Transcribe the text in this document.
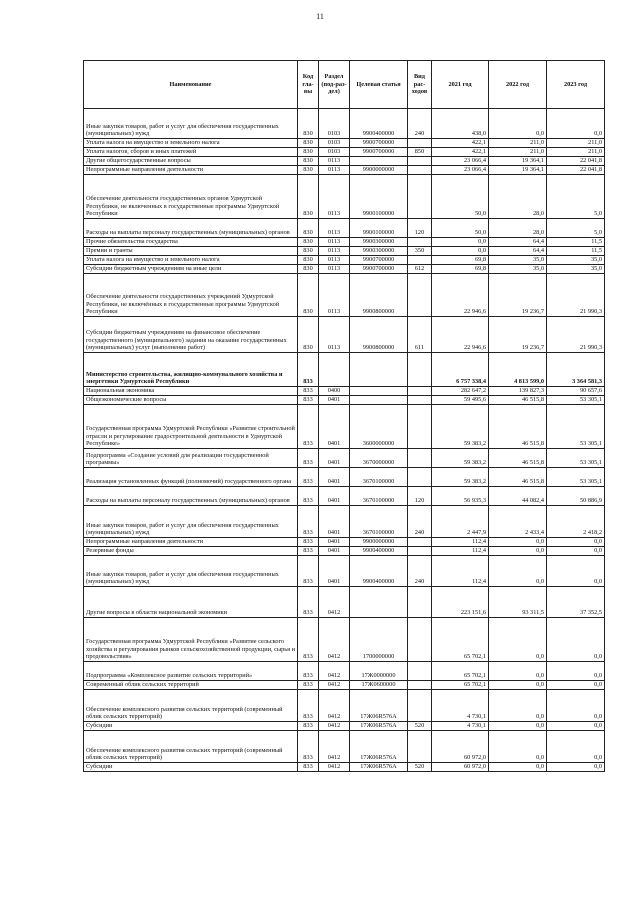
11
Наименование	Код гла-вы	Раздел (под-раз-дел)	Целевая статья	Вид рас-ходов	2021 год	2022 год	2023 год
Иные закупки товаров, работ и услуг для обеспечения государственных (муниципальных) нужд	830	0103	9900400000	240	438,0	0,0	0,0
Уплата налога на имущество и земельного налога	830	0103	9900700000		422,1	211,0	211,0
Уплата налогов, сборов и иных платежей	830	0103	9900700000	850	422,1	211,0	211,0
Другие общегосударственные вопросы	830	0113			23 066,4	19 364,1	22 041,8
Непрограммные направления деятельности	830	0113	9900000000		23 066,4	19 364,1	22 041,8
Обеспечение деятельности государственных органов Удмуртской Республики, не включенных в государственные программы Удмуртской Республики	830	0113	9900100000		50,0	28,0	5,0
Расходы на выплаты персоналу государственных (муниципальных) органов	830	0113	9900100000	120	50,0	28,0	5,0
Прочие обязательства государства	830	0113	9900300000		0,0	64,4	11,5
Премии и гранты	830	0113	9900300000	350	0,0	64,4	11,5
Уплата налога на имущество и земельного налога	830	0113	9900700000		69,8	35,0	35,0
Субсидии бюджетным учреждениям на иные цели	830	0113	9900700000	612	69,8	35,0	35,0
Обеспечение деятельности государственных учреждений Удмуртской Республики, не включённых в государственные программы Удмуртской Республики	830	0113	9900800000		22 946,6	19 236,7	21 990,3
Субсидии бюджетным учреждениям на финансовое обеспечение государственного (муниципального) задания на оказание государственных (муниципальных) услуг (выполнение работ)	830	0113	9900800000	611	22 946,6	19 236,7	21 990,3
Министерство строительства, жилищно-коммунального хозяйства и энергетики Удмуртской Республики	833				6 757 338,4	4 813 599,0	3 364 581,3
Национальная экономика	833	0400			282 647,2	139 827,3	90 657,6
Общеэкономические вопросы	833	0401			59 495,6	46 515,8	53 305,1
Государственная программа Удмуртской Республики «Развитие строительной отрасли и регулирование градостроительной деятельности в Удмуртской Республике»	833	0401	3600000000		59 383,2	46 515,8	53 305,1
Подпрограмма «Создание условий для реализации государственной программы»	833	0401	3670000000		59 383,2	46 515,8	53 305,1
Реализация установленных функций (полномочий) государственного органа	833	0401	3670100000		59 383,2	46 515,8	53 305,1
Расходы на выплаты персоналу государственных (муниципальных) органов	833	0401	3670100000	120	56 935,3	44 082,4	50 886,9
Иные закупки товаров, работ и услуг для обеспечения государственных (муниципальных) нужд	833	0401	3670100000	240	2 447,9	2 433,4	2 418,2
Непрограммные направления деятельности	833	0401	9900000000		112,4	0,0	0,0
Резервные фонды	833	0401	9900400000		112,4	0,0	0,0
Иные закупки товаров, работ и услуг для обеспечения государственных (муниципальных) нужд	833	0401	9900400000	240	112,4	0,0	0,0
Другие вопросы в области национальной экономики	833	0412			223 151,6	93 311,5	37 352,5
Государственная программа Удмуртской Республики «Развитие сельского хозяйства и регулирования рынков сельскохозяйственной продукции, сырья и продовольствия»	833	0412	1700000000		65 702,1	0,0	0,0
Подпрограмма «Комплексное развитие сельских территорий»	833	0412	17Ж0000000		65 702,1	0,0	0,0
Современный облик сельских территорий	833	0412	17Ж0600000		65 702,1	0,0	0,0
Обеспечение комплексного развития сельских территорий (современный облик сельских территорий)	833	0412	17Ж06R576A		4 730,1	0,0	0,0
Субсидии	833	0412	17Ж06R576A	520	4 730,1	0,0	0,0
Обеспечение комплексного развития сельских территорий (современный облик сельских территорий)	833	0412	17Ж06R576A		60 972,0	0,0	0,0
Субсидии	833	0412	17Ж06R576A	520	60 972,0	0,0	0,0
